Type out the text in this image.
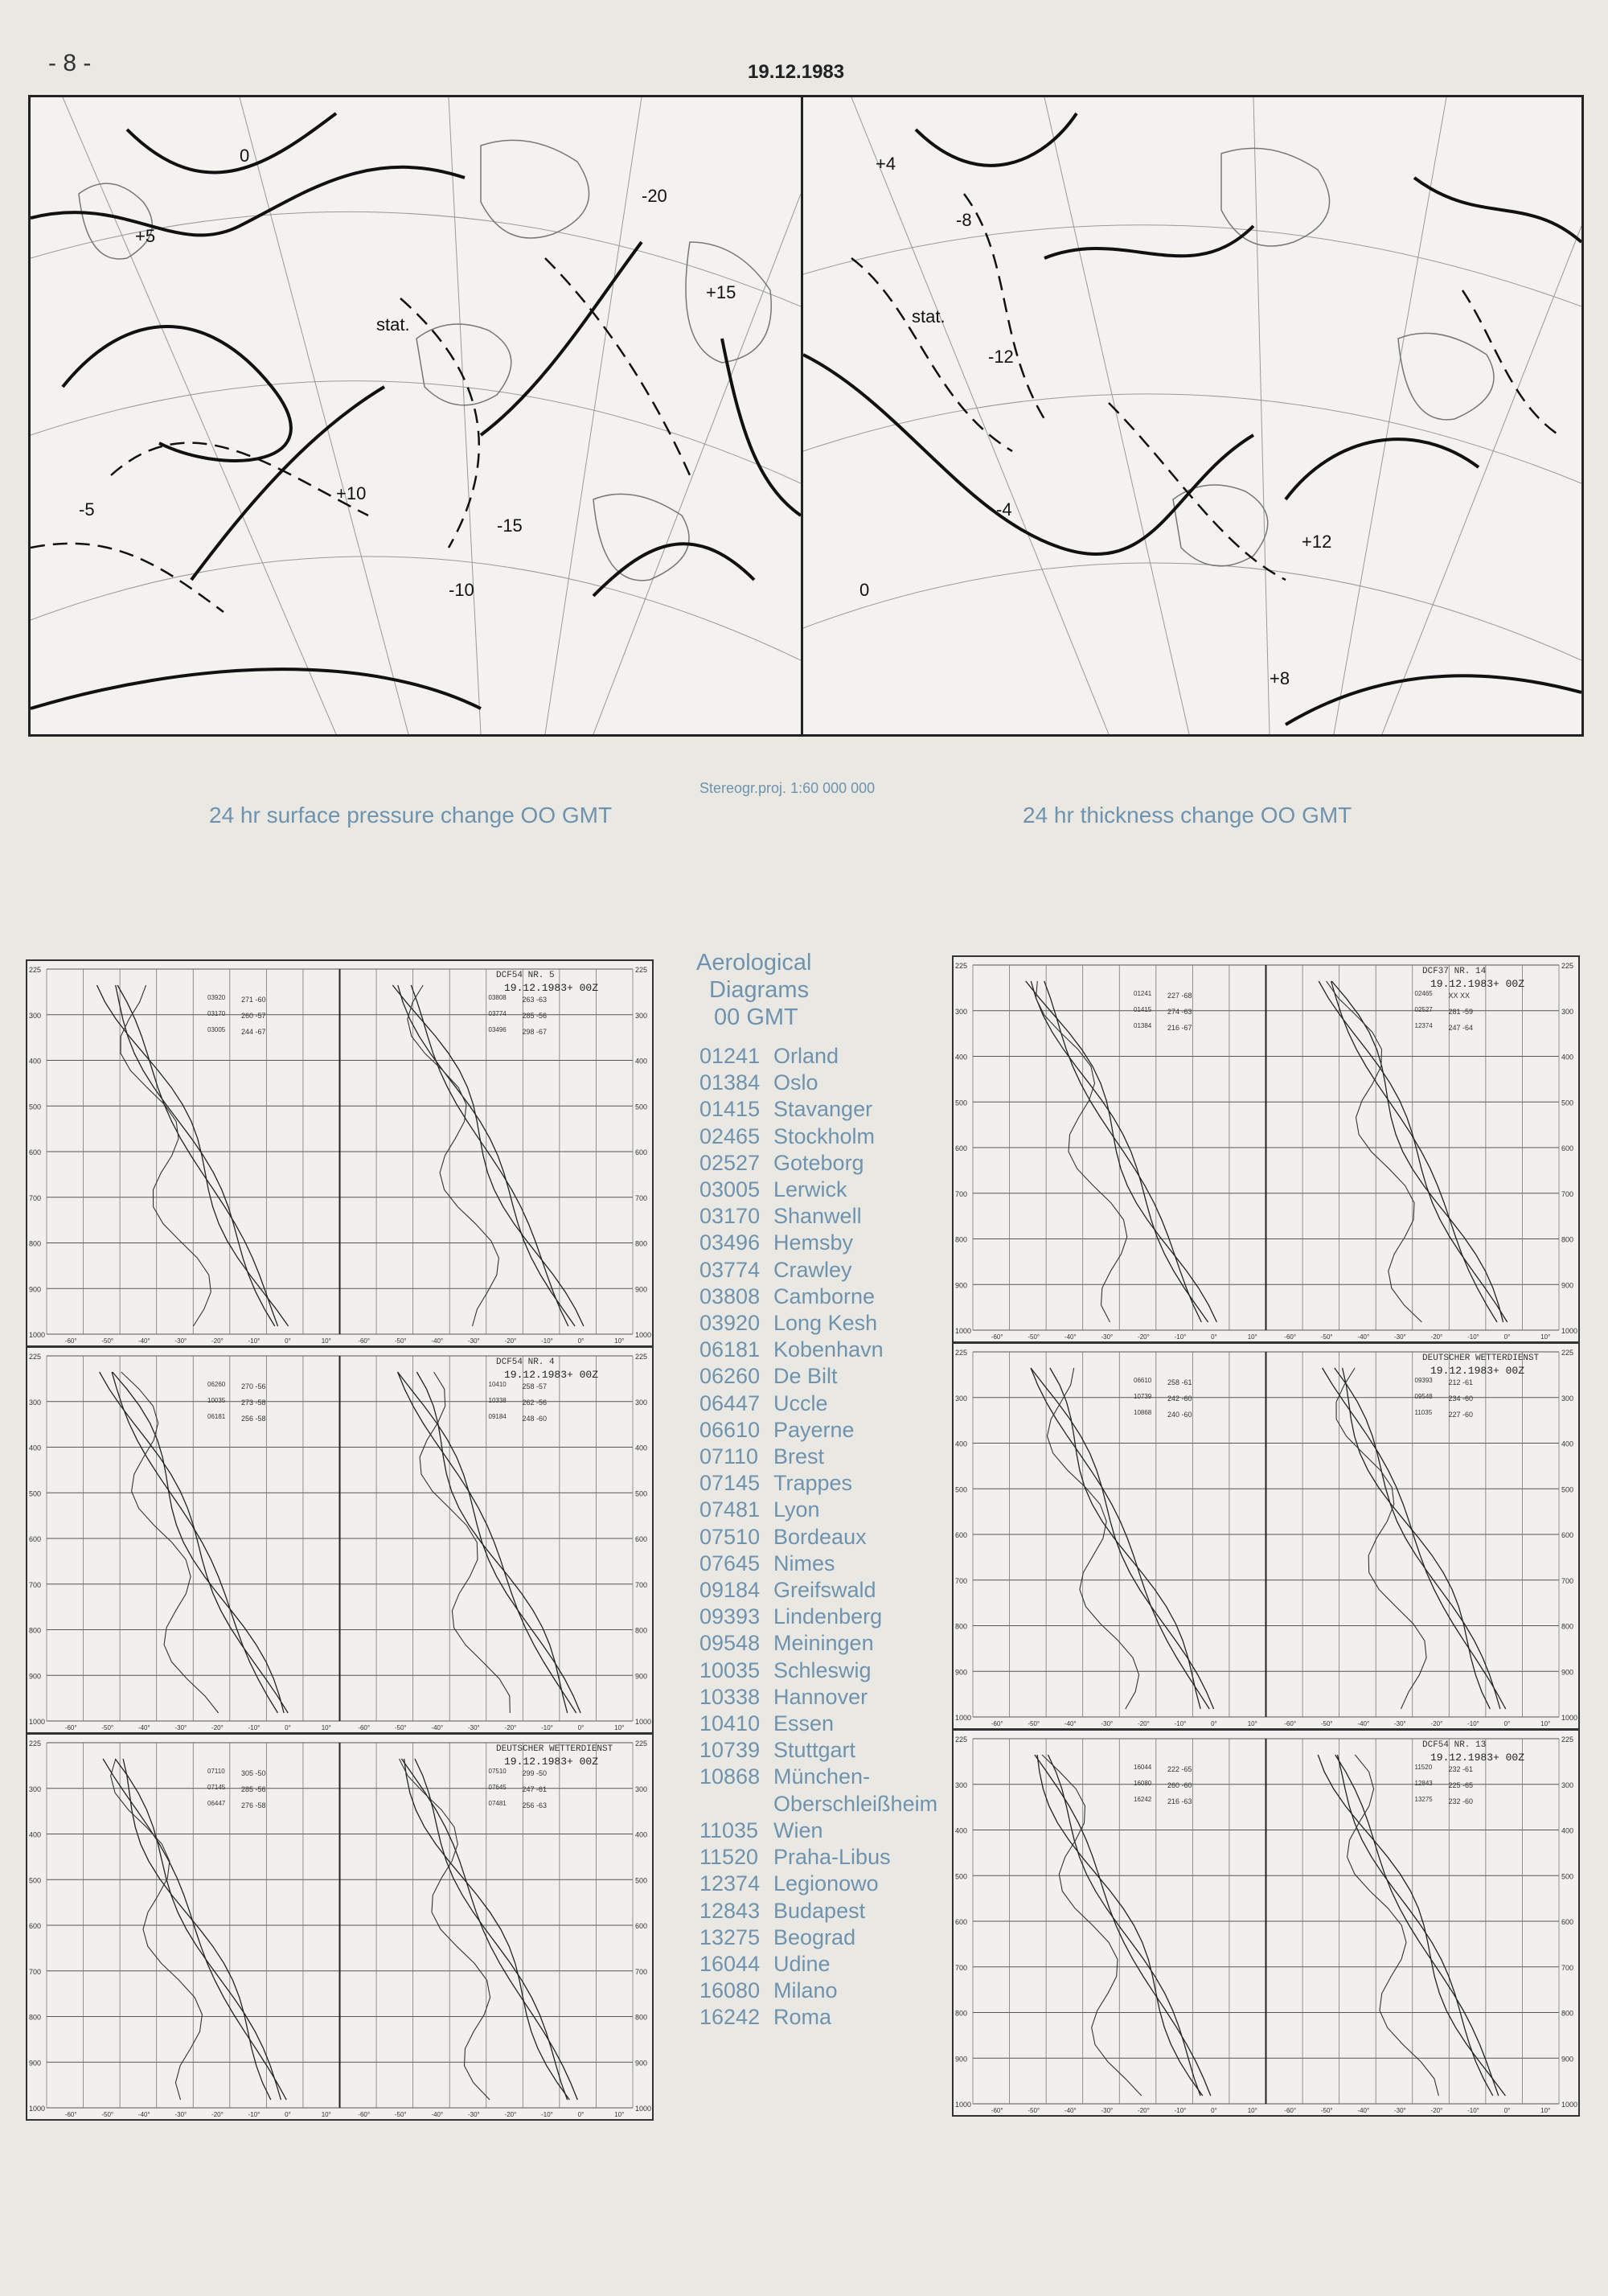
- 8 -	19.12.1983
+5
0
-5
+10
-10
-15
+15
stat.
-20
+4
-4
-8
-12
+8
+12
stat.
0
Stereogr.proj. 1:60 000 000
24 hr surface pressure change OO GMT	24 hr thickness change OO GMT
225	225
300	300
400	400
500	500
600	600
700	700
800	800
900	900
1000	1000
-60°	-60°
-50°	-50°
-40°	-40°
-30°	-30°
-20°	-20°
-10°	-10°
0°	0°
10°	10°
DCF54 NR. 5
19.12.1983+ 00Z
03920 271 -60
03170 260 -57
03005 244 -67
03808 263 -63
03774 285 -56
03496 298 -67
225	225
300	300
400	400
500	500
600	600
700	700
800	800
900	900
1000	1000
-60°	-60°
-50°	-50°
-40°	-40°
-30°	-30°
-20°	-20°
-10°	-10°
0°	0°
10°	10°
DCF54 NR. 4
19.12.1983+ 00Z
06260 270 -56
10035 273 -58
06181 256 -58
10410 258 -57
10338 262 -56
09184 248 -60
225	225
300	300
400	400
500	500
600	600
700	700
800	800
900	900
1000	1000
-60°	-60°
-50°	-50°
-40°	-40°
-30°	-30°
-20°	-20°
-10°	-10°
0°	0°
10°	10°
DEUTSCHER WETTERDIENST
19.12.1983+ 00Z
07110 305 -50
07145 285 -56
06447 276 -58
07510 299 -50
07645 247 -61
07481 256 -63
225	225
300	300
400	400
500	500
600	600
700	700
800	800
900	900
1000	1000
-60°	-60°
-50°	-50°
-40°	-40°
-30°	-30°
-20°	-20°
-10°	-10°
0°	0°
10°	10°
DCF37 NR. 14
19.12.1983+ 00Z
01241 227 -68
01415 274 -63
01384 216 -67
02465 XX XX
02527 281 -59
12374 247 -64
225	225
300	300
400	400
500	500
600	600
700	700
800	800
900	900
1000	1000
-60°	-60°
-50°	-50°
-40°	-40°
-30°	-30°
-20°	-20°
-10°	-10°
0°	0°
10°	10°
DEUTSCHER WETTERDIENST
19.12.1983+ 00Z
06610 258 -61
10739 242 -60
10868 240 -60
09393 212 -61
09548 234 -60
11035 227 -60
225	225
300	300
400	400
500	500
600	600
700	700
800	800
900	900
1000	1000
-60°	-60°
-50°	-50°
-40°	-40°
-30°	-30°
-20°	-20°
-10°	-10°
0°	0°
10°	10°
DCF54 NR. 13
19.12.1983+ 00Z
16044 222 -65
16080 260 -60
16242 216 -63
11520 232 -61
12843 225 -65
13275 232 -60
Aerological
Diagrams
00 GMT
01241 Orland
01384 Oslo
01415 Stavanger
02465 Stockholm
02527 Goteborg
03005 Lerwick
03170 Shanwell
03496 Hemsby
03774 Crawley
03808 Camborne
03920 Long Kesh
06181 Kobenhavn
06260 De Bilt
06447 Uccle
06610 Payerne
07110 Brest
07145 Trappes
07481 Lyon
07510 Bordeaux
07645 Nimes
09184 Greifswald
09393 Lindenberg
09548 Meiningen
10035 Schleswig
10338 Hannover
10410 Essen
10739 Stuttgart
10868 München-
Oberschleißheim
11035 Wien
11520 Praha-Libus
12374 Legionowo
12843 Budapest
13275 Beograd
16044 Udine
16080 Milano
16242 Roma
